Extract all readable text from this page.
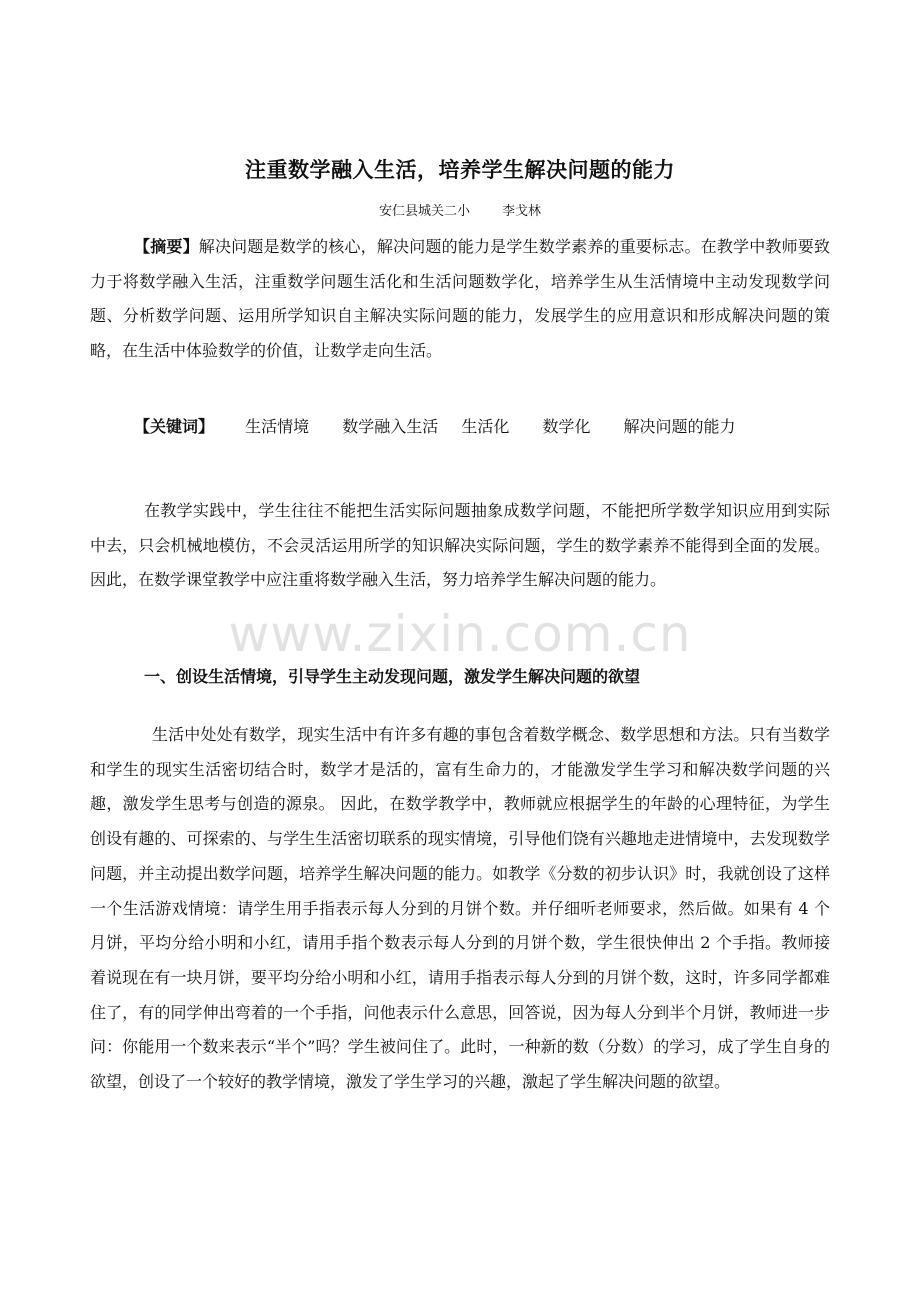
注重数学融入生活，培养学生解决问题的能力
安仁县城关二小 李戈林

【摘要】解决问题是数学的核心，解决问题的能力是学生数学素养的重要标志。在教学中教师要致力于将数学融入生活，注重数学问题生活化和生活问题数学化，培养学生从生活情境中主动发现数学问题、分析数学问题、运用所学知识自主解决实际问题的能力，发展学生的应用意识和形成解决问题的策略，在生活中体验数学的价值，让数学走向生活。

【关键词】 生活情境 数学融入生活 生活化 数学化 解决问题的能力

在教学实践中，学生往往不能把生活实际问题抽象成数学问题，不能把所学数学知识应用到实际中去，只会机械地模仿，不会灵活运用所学的知识解决实际问题，学生的数学素养不能得到全面的发展。因此，在数学课堂教学中应注重将数学融入生活，努力培养学生解决问题的能力。

www.zixin.com.cn
一、创设生活情境，引导学生主动发现问题，激发学生解决问题的欲望

生活中处处有数学，现实生活中有许多有趣的事包含着数学概念、数学思想和方法。只有当数学和学生的现实生活密切结合时，数学才是活的，富有生命力的，才能激发学生学习和解决数学问题的兴趣，激发学生思考与创造的源泉。 因此，在数学教学中，教师就应根据学生的年龄的心理特征，为学生创设有趣的、可探索的、与学生生活密切联系的现实情境，引导他们饶有兴趣地走进情境中，去发现数学问题，并主动提出数学问题，培养学生解决问题的能力。如教学《分数的初步认识》时，我就创设了这样一个生活游戏情境：请学生用手指表示每人分到的月饼个数。并仔细听老师要求，然后做。如果有 4 个月饼，平均分给小明和小红，请用手指个数表示每人分到的月饼个数，学生很快伸出 2 个手指。教师接着说现在有一块月饼，要平均分给小明和小红，请用手指表示每人分到的月饼个数，这时，许多同学都难住了，有的同学伸出弯着的一个手指，问他表示什么意思，回答说，因为每人分到半个月饼，教师进一步问：你能用一个数来表示“半个”吗？学生被问住了。此时，一种新的数（分数）的学习，成了学生自身的欲望，创设了一个较好的教学情境，激发了学生学习的兴趣，激起了学生解决问题的欲望。
